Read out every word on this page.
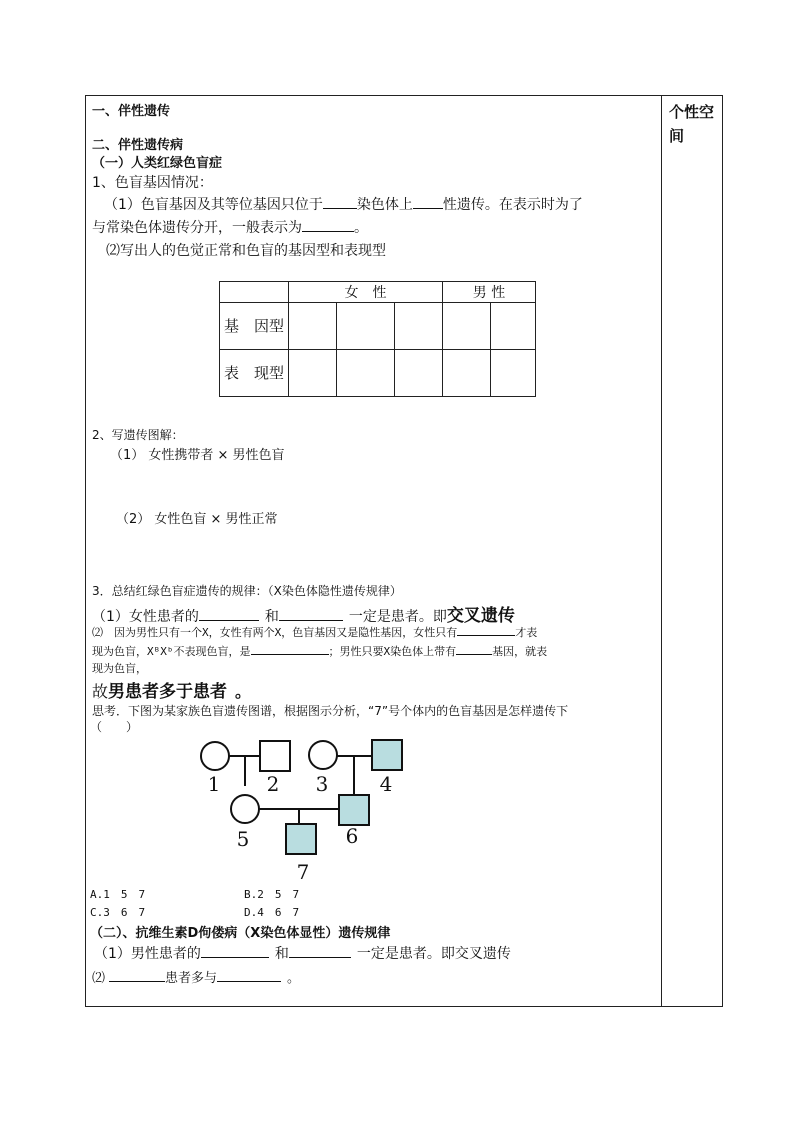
个性空间
一、伴性遗传
二、伴性遗传病
（一）人类红绿色盲症
1、色盲基因情况：
（1）色盲基因及其等位基因只位于 染色体上 性遗传。在表示时为了
与常染色体遗传分开，一般表示为	。
⑵写出人的色觉正常和色盲的基因型和表现型
	女　性			男 性	
基　因型					
表　现型					
2、写遗传图解：
（1） 女性携带者 × 男性色盲
（2） 女性色盲 × 男性正常
3．总结红绿色盲症遗传的规律：（X染色体隐性遗传规律）
（1）女性患者的	和	一定是患者。即交叉遗传
⑵　因为男性只有一个X，女性有两个X，色盲基因又是隐性基因，女性只有	才表
现为色盲，XᴮXᵇ不表现色盲，是	；男性只要X染色体上带有	基因，就表
现为色盲，
故男患者多于患者 。
思考．下图为某家族色盲遗传图谱，根据图示分析，“7”号个体内的色盲基因是怎样遗传下
（　　）
A.1　5　7	B.2　5　7
C.3　6　7	D.4　6　7
（二）、抗维生素D佝偻病（X染色体显性）遗传规律
（1）男性患者的	和	一定是患者。即交叉遗传
⑵	患者多与	。
1 2 3	4
5	6
7
